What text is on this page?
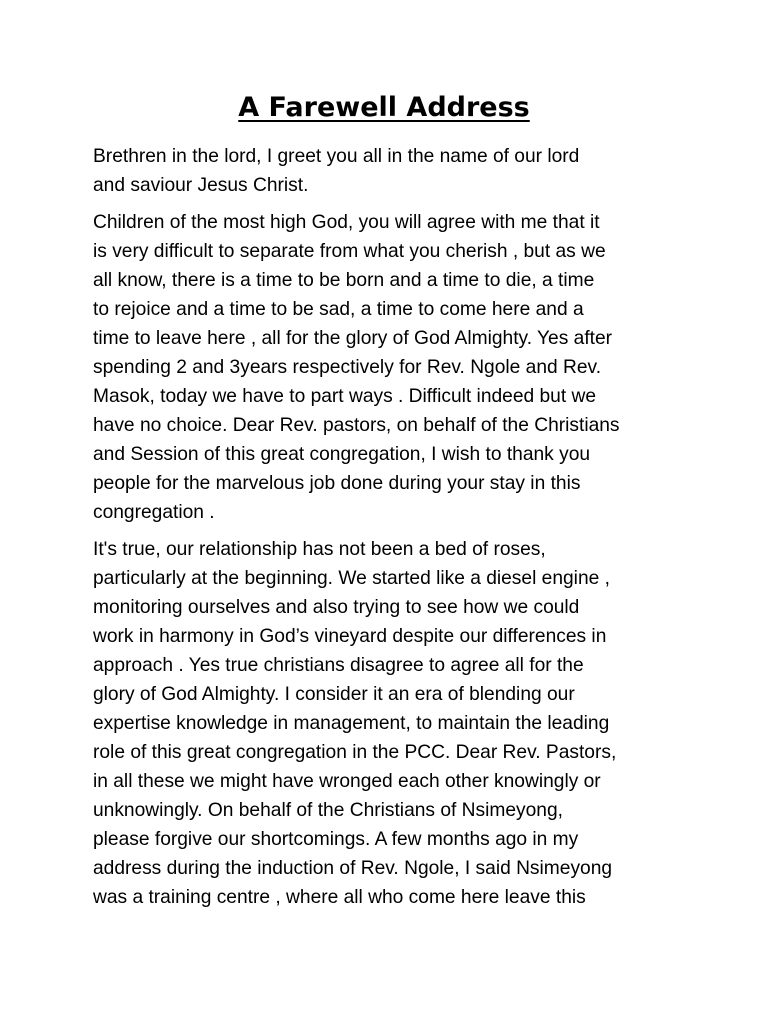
A Farewell Address

Brethren in the lord, I greet you all in the name of our lord
and saviour Jesus Christ.

Children of the most high God, you will agree with me that it
is very difficult to separate from what you cherish , but as we
all know, there is a time to be born and a time to die, a time
to rejoice and a time to be sad, a time to come here and a
time to leave here , all for the glory of God Almighty. Yes after
spending 2 and 3years respectively for Rev. Ngole and Rev.
Masok, today we have to part ways . Difficult indeed but we
have no choice. Dear Rev. pastors, on behalf of the Christians
and Session of this great congregation, I wish to thank you
people for the marvelous job done during your stay in this
congregation .

It's true, our relationship has not been a bed of roses,
particularly at the beginning. We started like a diesel engine ,
monitoring ourselves and also trying to see how we could
work in harmony in God’s vineyard despite our differences in
approach . Yes true christians disagree to agree all for the
glory of God Almighty. I consider it an era of blending our
expertise knowledge in management, to maintain the leading
role of this great congregation in the PCC. Dear Rev. Pastors,
in all these we might have wronged each other knowingly or
unknowingly. On behalf of the Christians of Nsimeyong,
please forgive our shortcomings. A few months ago in my
address during the induction of Rev. Ngole, I said Nsimeyong
was a training centre , where all who come here leave this
